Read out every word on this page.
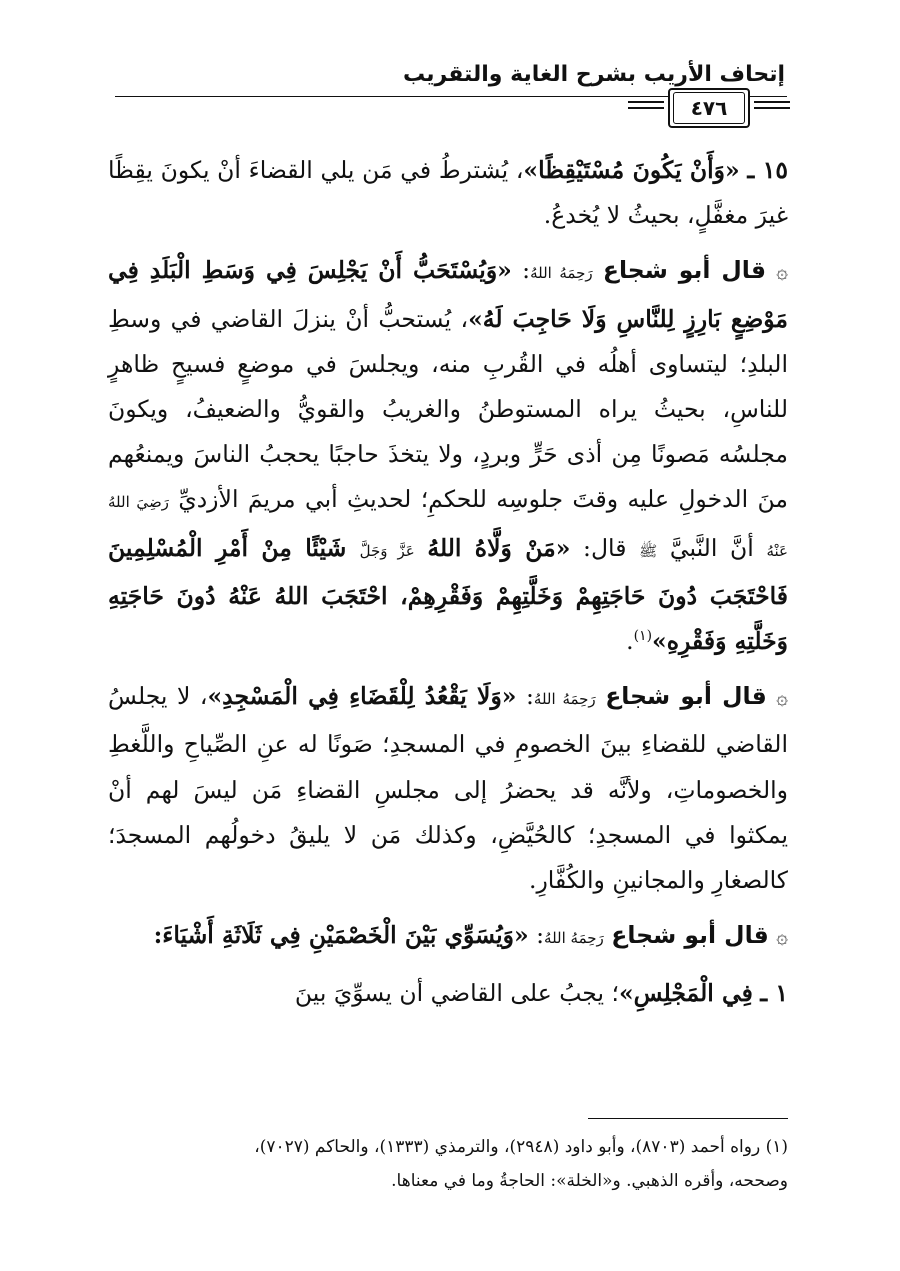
إتحاف الأريب بشرح الغاية والتقريب
٤٧٦

١٥ ـ «وَأَنْ يَكُونَ مُسْتَيْقِظًا»، يُشترطُ في مَن يلي القضاءَ أنْ يكونَ يقِظًا غيرَ مغفَّلٍ، بحيثُ لا يُخدعُ.

۞ قال أبو شجاع رَحِمَهُ اللهُ: «وَيُسْتَحَبُّ أَنْ يَجْلِسَ فِي وَسَطِ الْبَلَدِ فِي مَوْضِعٍ بَارِزٍ لِلنَّاسِ وَلَا حَاجِبَ لَهُ»، يُستحبُّ أنْ ينزلَ القاضي في وسطِ البلدِ؛ ليتساوى أهلُه في القُربِ منه، ويجلسَ في موضعٍ فسيحٍ ظاهرٍ للناسِ، بحيثُ يراه المستوطنُ والغريبُ والقويُّ والضعيفُ، ويكونَ مجلسُه مَصونًا مِن أذى حَرٍّ وبردٍ، ولا يتخذَ حاجبًا يحجبُ الناسَ ويمنعُهم منَ الدخولِ عليه وقتَ جلوسِه للحكمِ؛ لحديثِ أبي مريمَ الأزديِّ رَضِيَ اللهُ عَنْهُ أنَّ النَّبيَّ ﷺ قال: «مَنْ وَلَّاهُ اللهُ عَزَّ وَجَلَّ شَيْئًا مِنْ أَمْرِ الْمُسْلِمِينَ فَاحْتَجَبَ دُونَ حَاجَتِهِمْ وَخَلَّتِهِمْ وَفَقْرِهِمْ، احْتَجَبَ اللهُ عَنْهُ دُونَ حَاجَتِهِ وَخَلَّتِهِ وَفَقْرِهِ»$^{(١)}$.

۞ قال أبو شجاع رَحِمَهُ اللهُ: «وَلَا يَقْعُدُ لِلْقَضَاءِ فِي الْمَسْجِدِ»، لا يجلسُ القاضي للقضاءِ بينَ الخصومِ في المسجدِ؛ صَونًا له عنِ الصِّياحِ واللَّغطِ والخصوماتِ، ولأنَّه قد يحضرُ إلى مجلسِ القضاءِ مَن ليسَ لهم أنْ يمكثوا في المسجدِ؛ كالحُيَّضِ، وكذلك مَن لا يليقُ دخولُهم المسجدَ؛ كالصغارِ والمجانينِ والكُفَّارِ.

۞ قال أبو شجاع رَحِمَهُ اللهُ: «وَيُسَوِّي بَيْنَ الْخَصْمَيْنِ فِي ثَلَاثَةِ أَشْيَاءَ:

١ ـ فِي الْمَجْلِسِ»؛ يجبُ على القاضي أن يسوِّيَ بينَ

(١) رواه أحمد (٨٧٠٣)، وأبو داود (٢٩٤٨)، والترمذي (١٣٣٣)، والحاكم (٧٠٢٧)،
وصححه، وأقره الذهبي. و«الخلة»: الحاجةُ وما في معناها.
